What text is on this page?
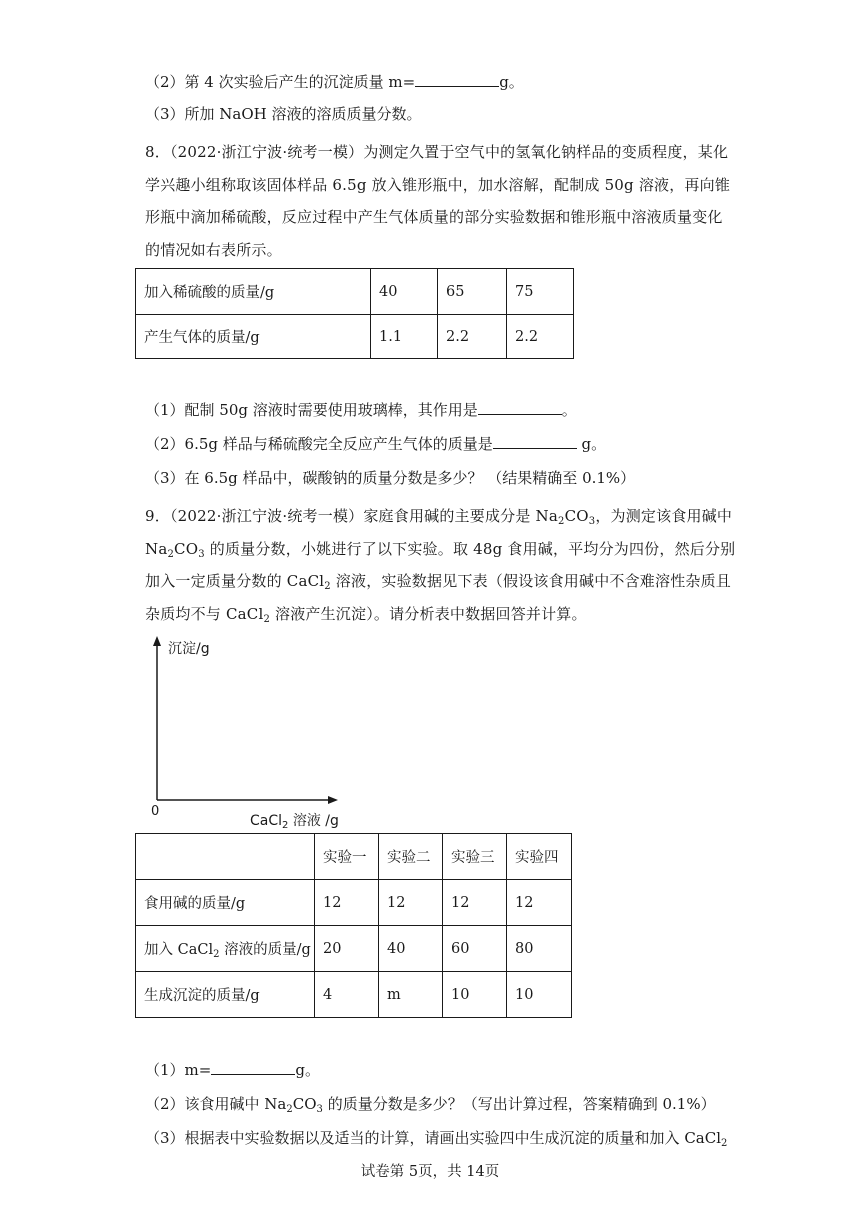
（2）第 4 次实验后产生的沉淀质量 m=	g。
（3）所加 NaOH 溶液的溶质质量分数。
8．（2022·浙江宁波·统考一模）为测定久置于空气中的氢氧化钠样品的变质程度，某化
学兴趣小组称取该固体样品 6.5g 放入锥形瓶中，加水溶解，配制成 50g 溶液，再向锥
形瓶中滴加稀硫酸，反应过程中产生气体质量的部分实验数据和锥形瓶中溶液质量变化
的情况如右表所示。
加入稀硫酸的质量/g	40	65	75
产生气体的质量/g	1.1	2.2	2.2
（1）配制 50g 溶液时需要使用玻璃棒，其作用是	。
（2）6.5g 样品与稀硫酸完全反应产生气体的质量是	g。
（3）在 6.5g 样品中，碳酸钠的质量分数是多少？ （结果精确至 0.1%）
9．（2022·浙江宁波·统考一模）家庭食用碱的主要成分是 $Na_2CO_3$，为测定该食用碱中
$Na_2CO_3$ 的质量分数，小姚进行了以下实验。取 48g 食用碱，平均分为四份，然后分别
加入一定质量分数的 CaCl$_2$ 溶液，实验数据见下表（假设该食用碱中不含难溶性杂质且
杂质均不与 CaCl$_2$ 溶液产生沉淀）。请分析表中数据回答并计算。
沉淀/g
0
CaCl$_2$ 溶液 /g
	实验一	实验二	实验三	实验四
食用碱的质量/g	12	12	12	12
加入 CaCl$_2$ 溶液的质量/g	20	40	60	80
生成沉淀的质量/g	4	m	10	10
（1）m=	g。
（2）该食用碱中 $Na_2CO_3$ 的质量分数是多少？（写出计算过程，答案精确到 0.1%）
（3）根据表中实验数据以及适当的计算，请画出实验四中生成沉淀的质量和加入 CaCl$_2$
试卷第 5页，共 14页
